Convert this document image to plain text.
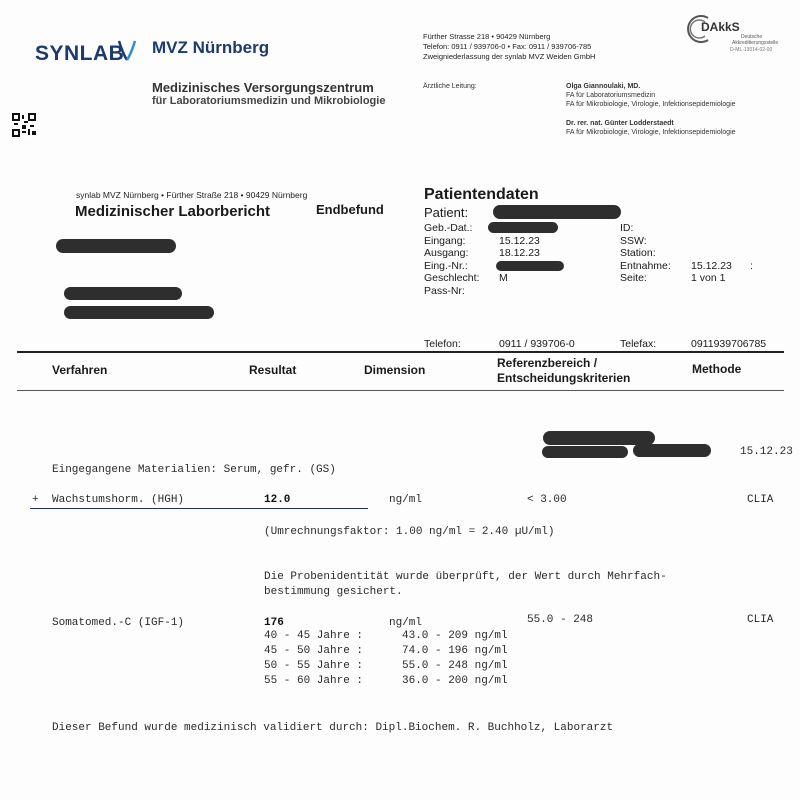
SYNLAB MVZ Nürnberg
Medizinisches Versorgungszentrum
für Laboratoriumsmedizin und Mikrobiologie
Fürther Strasse 218 • 90429 Nürnberg
Telefon: 0911 / 939706-0 • Fax: 0911 / 939706-785
Zweigniederlassung der synlab MVZ Weiden GmbH
Ärztliche Leitung:	Olga Giannoulaki, MD.
FA für Laboratoriumsmedizin
FA für Mikrobiologie, Virologie, Infektionsepidemiologie
Dr. rer. nat. Günter Lodderstaedt
FA für Mikrobiologie, Virologie, Infektionsepidemiologie
DAkkS
Deutsche
Akkreditierungsstelle
D-ML-13014-02-00
synlab MVZ Nürnberg • Fürther Straße 218 • 90429 Nürnberg
Medizinischer Laborbericht	Endbefund
Patientendaten
Patient:
Geb.-Dat.:
Eingang:	15.12.23
Ausgang:	18.12.23
Eing.-Nr.:
Geschlecht: M
Pass-Nr:
ID:
SSW:
Station:
Entnahme: 15.12.23 :
Seite:	1 von 1
Telefon:	0911 / 939706-0	Telefax:	0911939706785
Verfahren	Resultat	Dimension	Referenzbereich /
Entscheidungskriterien
Methode
15.12.23
Eingegangene Materialien: Serum, gefr. (GS)
+ Wachstumshorm. (HGH)	12.0	ng/ml	< 3.00	CLIA
(Umrechnungsfaktor: 1.00 ng/ml = 2.40 µU/ml)
Die Probenidentität wurde überprüft, der Wert durch Mehrfach-
bestimmung gesichert.
Somatomed.-C (IGF-1)	176	ng/ml	55.0 - 248	CLIA
40 - 45 Jahre :	43.0 - 209 ng/ml
45 - 50 Jahre :	74.0 - 196 ng/ml
50 - 55 Jahre :	55.0 - 248 ng/ml
55 - 60 Jahre :	36.0 - 200 ng/ml
Dieser Befund wurde medizinisch validiert durch: Dipl.Biochem. R. Buchholz, Laborarzt
